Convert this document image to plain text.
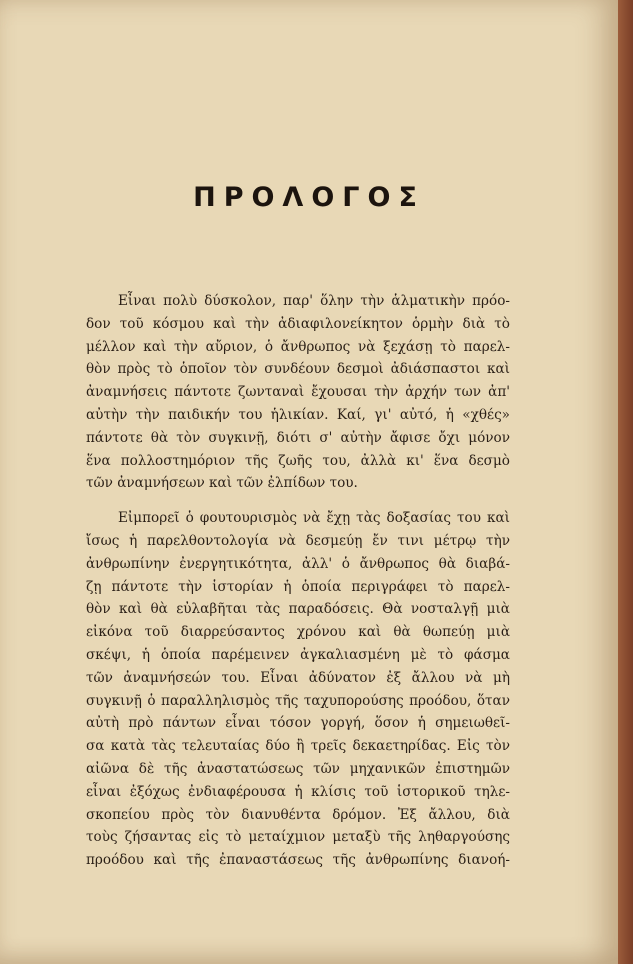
ΠΡΟΛΟΓΟΣ
Εἶναι πολὺ δύσκολον, παρ' ὅλην τὴν ἁλματικὴν πρόο-
δον τοῦ κόσμου καὶ τὴν ἀδιαφιλονείκητον ὁρμὴν διὰ τὸ
μέλλον καὶ τὴν αὔριον, ὁ ἄνθρωπος νὰ ξεχάσῃ τὸ παρελ-
θὸν πρὸς τὸ ὁποῖον τὸν συνδέουν δεσμοὶ ἀδιάσπαστοι καὶ
ἀναμνήσεις πάντοτε ζωνταναὶ ἔχουσαι τὴν ἀρχήν των ἀπ'
αὐτὴν τὴν παιδικήν του ἡλικίαν. Καί, γι' αὐτό, ἡ «χθές»
πάντοτε θὰ τὸν συγκινῇ, διότι σ' αὐτὴν ἄφισε ὄχι μόνον
ἕνα πολλοστημόριον τῆς ζωῆς του, ἀλλὰ κι' ἕνα δεσμὸ
τῶν ἀναμνήσεων καὶ τῶν ἐλπίδων του.
Εἰμπορεῖ ὁ φουτουρισμὸς νὰ ἔχῃ τὰς δοξασίας του καὶ
ἴσως ἡ παρελθοντολογία νὰ δεσμεύῃ ἔν τινι μέτρῳ τὴν
ἀνθρωπίνην ἐνεργητικότητα, ἀλλ' ὁ ἄνθρωπος θὰ διαβά-
ζῃ πάντοτε τὴν ἱστορίαν ἡ ὁποία περιγράφει τὸ παρελ-
θὸν καὶ θὰ εὐλαβῆται τὰς παραδόσεις. Θὰ νοσταλγῇ μιὰ
εἰκόνα τοῦ διαρρεύσαντος χρόνου καὶ θὰ θωπεύῃ μιὰ
σκέψι, ἡ ὁποία παρέμεινεν ἀγκαλιασμένη μὲ τὸ φάσμα
τῶν ἀναμνήσεών του. Εἶναι ἀδύνατον ἐξ ἄλλου νὰ μὴ
συγκινῇ ὁ παραλληλισμὸς τῆς ταχυπορούσης προόδου, ὅταν
αὐτὴ πρὸ πάντων εἶναι τόσον γοργή, ὅσον ἡ σημειωθεῖ-
σα κατὰ τὰς τελευταίας δύο ἢ τρεῖς δεκαετηρίδας. Εἰς τὸν
αἰῶνα δὲ τῆς ἀναστατώσεως τῶν μηχανικῶν ἐπιστημῶν
εἶναι ἐξόχως ἐνδιαφέρουσα ἡ κλίσις τοῦ ἱστορικοῦ τηλε-
σκοπείου πρὸς τὸν διανυθέντα δρόμον. Ἐξ ἄλλου, διὰ
τοὺς ζήσαντας εἰς τὸ μεταίχμιον μεταξὺ τῆς ληθαργούσης
προόδου καὶ τῆς ἐπαναστάσεως τῆς ἀνθρωπίνης διανοή-
